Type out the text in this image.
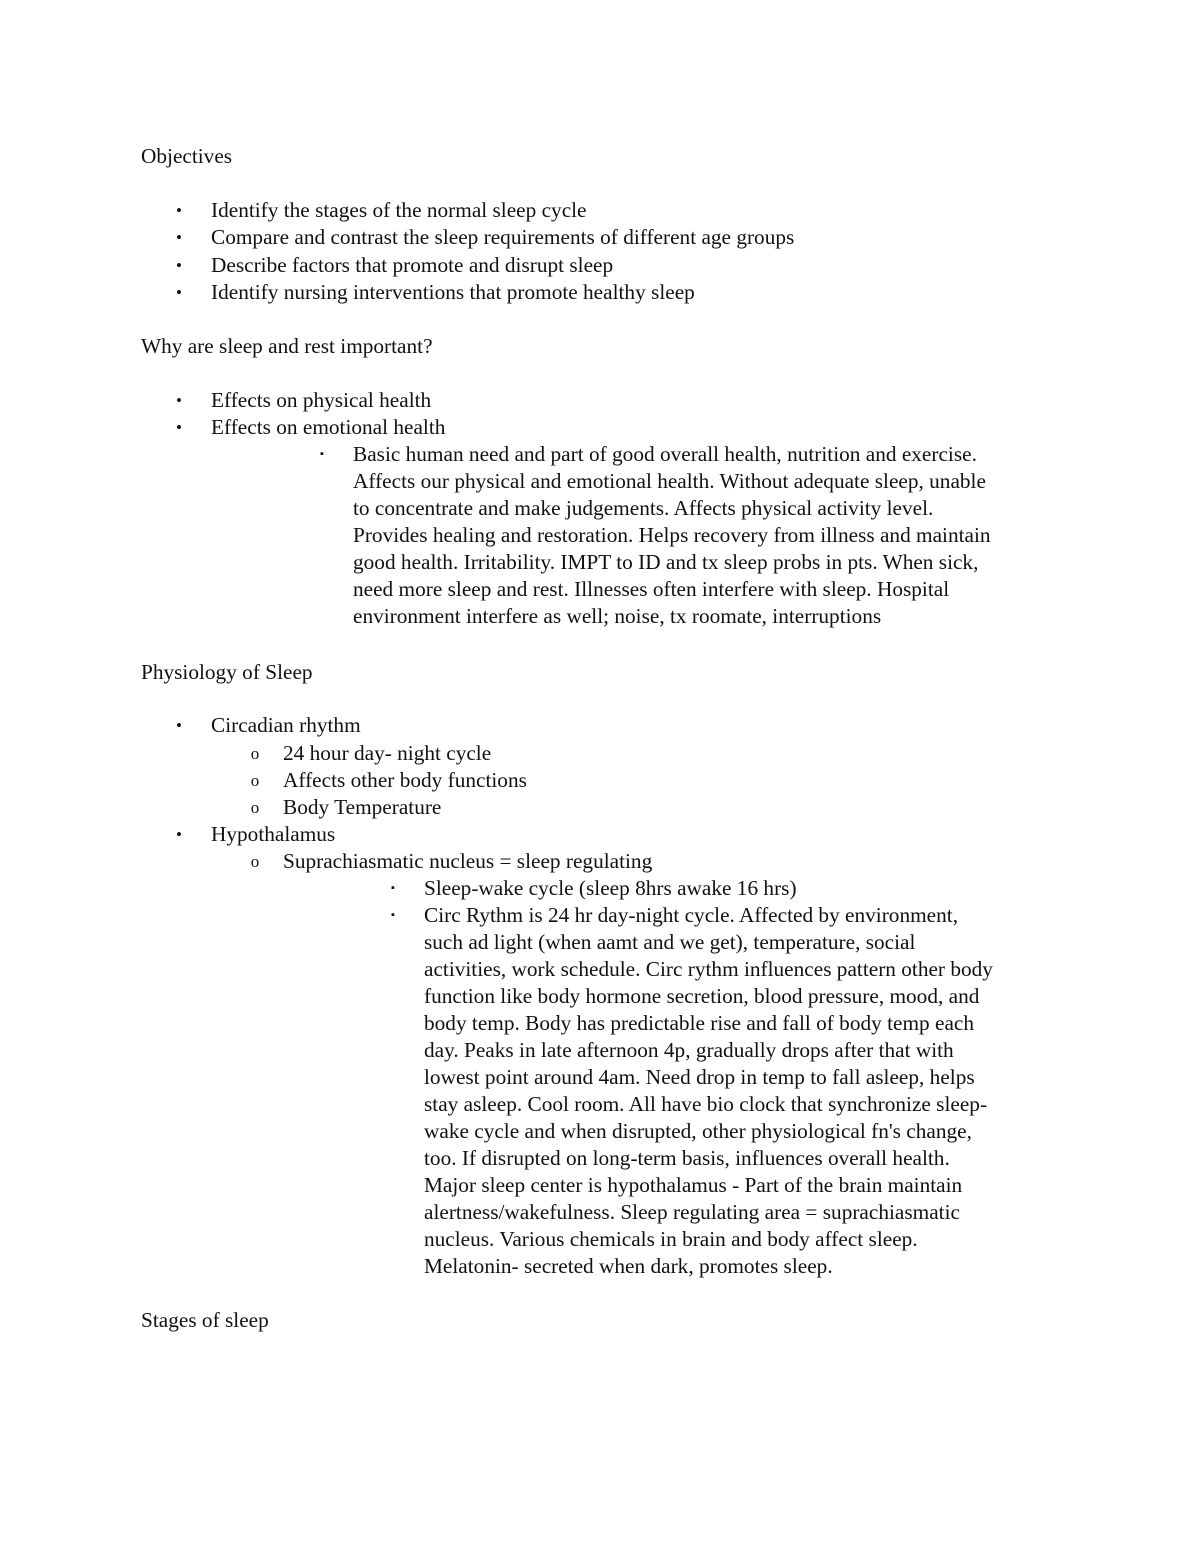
Objectives
• Identify the stages of the normal sleep cycle
• Compare and contrast the sleep requirements of different age groups
• Describe factors that promote and disrupt sleep
• Identify nursing interventions that promote healthy sleep
Why are sleep and rest important?
• Effects on physical health
• Effects on emotional health
▪ Basic human need and part of good overall health, nutrition and exercise.
Affects our physical and emotional health. Without adequate sleep, unable
to concentrate and make judgements. Affects physical activity level.
Provides healing and restoration. Helps recovery from illness and maintain
good health. Irritability. IMPT to ID and tx sleep probs in pts. When sick,
need more sleep and rest. Illnesses often interfere with sleep. Hospital
environment interfere as well; noise, tx roomate, interruptions
Physiology of Sleep
• Circadian rhythm
o 24 hour day- night cycle
o Affects other body functions
o Body Temperature
• Hypothalamus
o Suprachiasmatic nucleus = sleep regulating
▪ Sleep-wake cycle (sleep 8hrs awake 16 hrs)
▪ Circ Rythm is 24 hr day-night cycle. Affected by environment,
such ad light (when aamt and we get), temperature, social
activities, work schedule. Circ rythm influences pattern other body
function like body hormone secretion, blood pressure, mood, and
body temp. Body has predictable rise and fall of body temp each
day. Peaks in late afternoon 4p, gradually drops after that with
lowest point around 4am. Need drop in temp to fall asleep, helps
stay asleep. Cool room. All have bio clock that synchronize sleep-
wake cycle and when disrupted, other physiological fn's change,
too. If disrupted on long-term basis, influences overall health.
Major sleep center is hypothalamus - Part of the brain maintain
alertness/wakefulness. Sleep regulating area = suprachiasmatic
nucleus. Various chemicals in brain and body affect sleep.
Melatonin- secreted when dark, promotes sleep.
Stages of sleep
